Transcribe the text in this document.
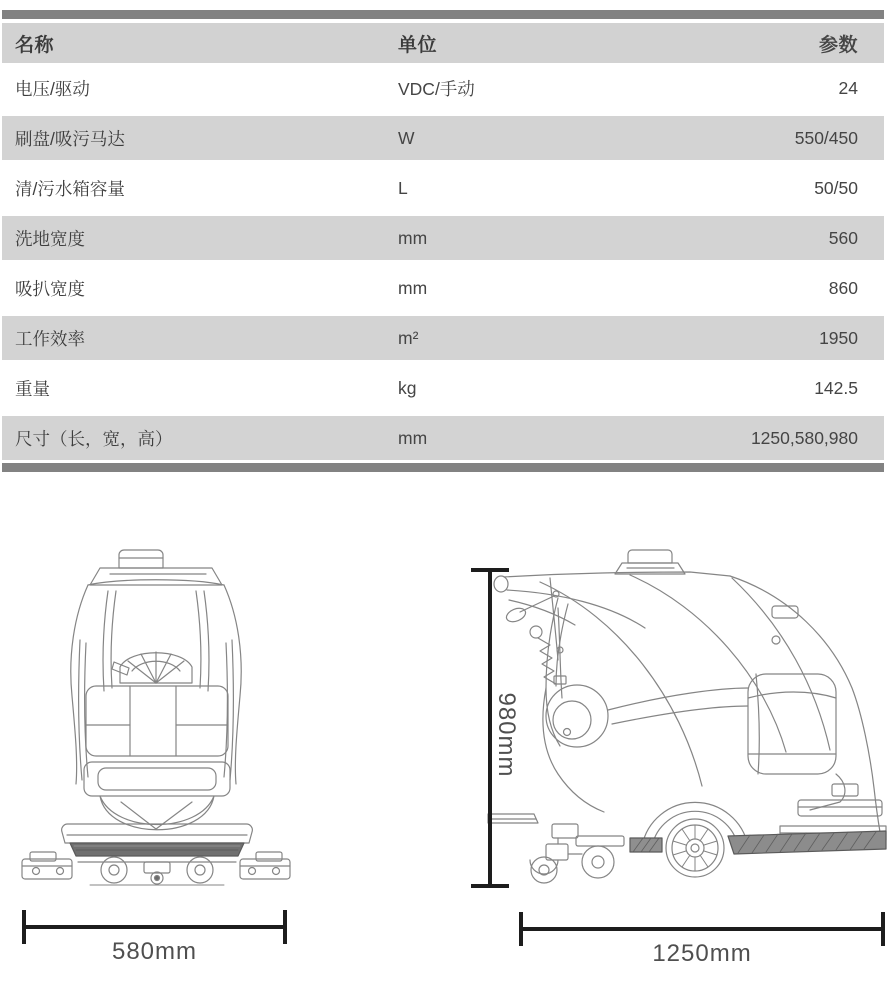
名称	单位	参数
电压/驱动	VDC/手动	24
刷盘/吸污马达	W	550/450
清/污水箱容量	L	50/50
洗地宽度	mm	560
吸扒宽度	mm	860
工作效率	m²	1950
重量	kg	142.5
尺寸（长，宽，高）	mm	1250,580,980
980mm
580mm	1250mm
